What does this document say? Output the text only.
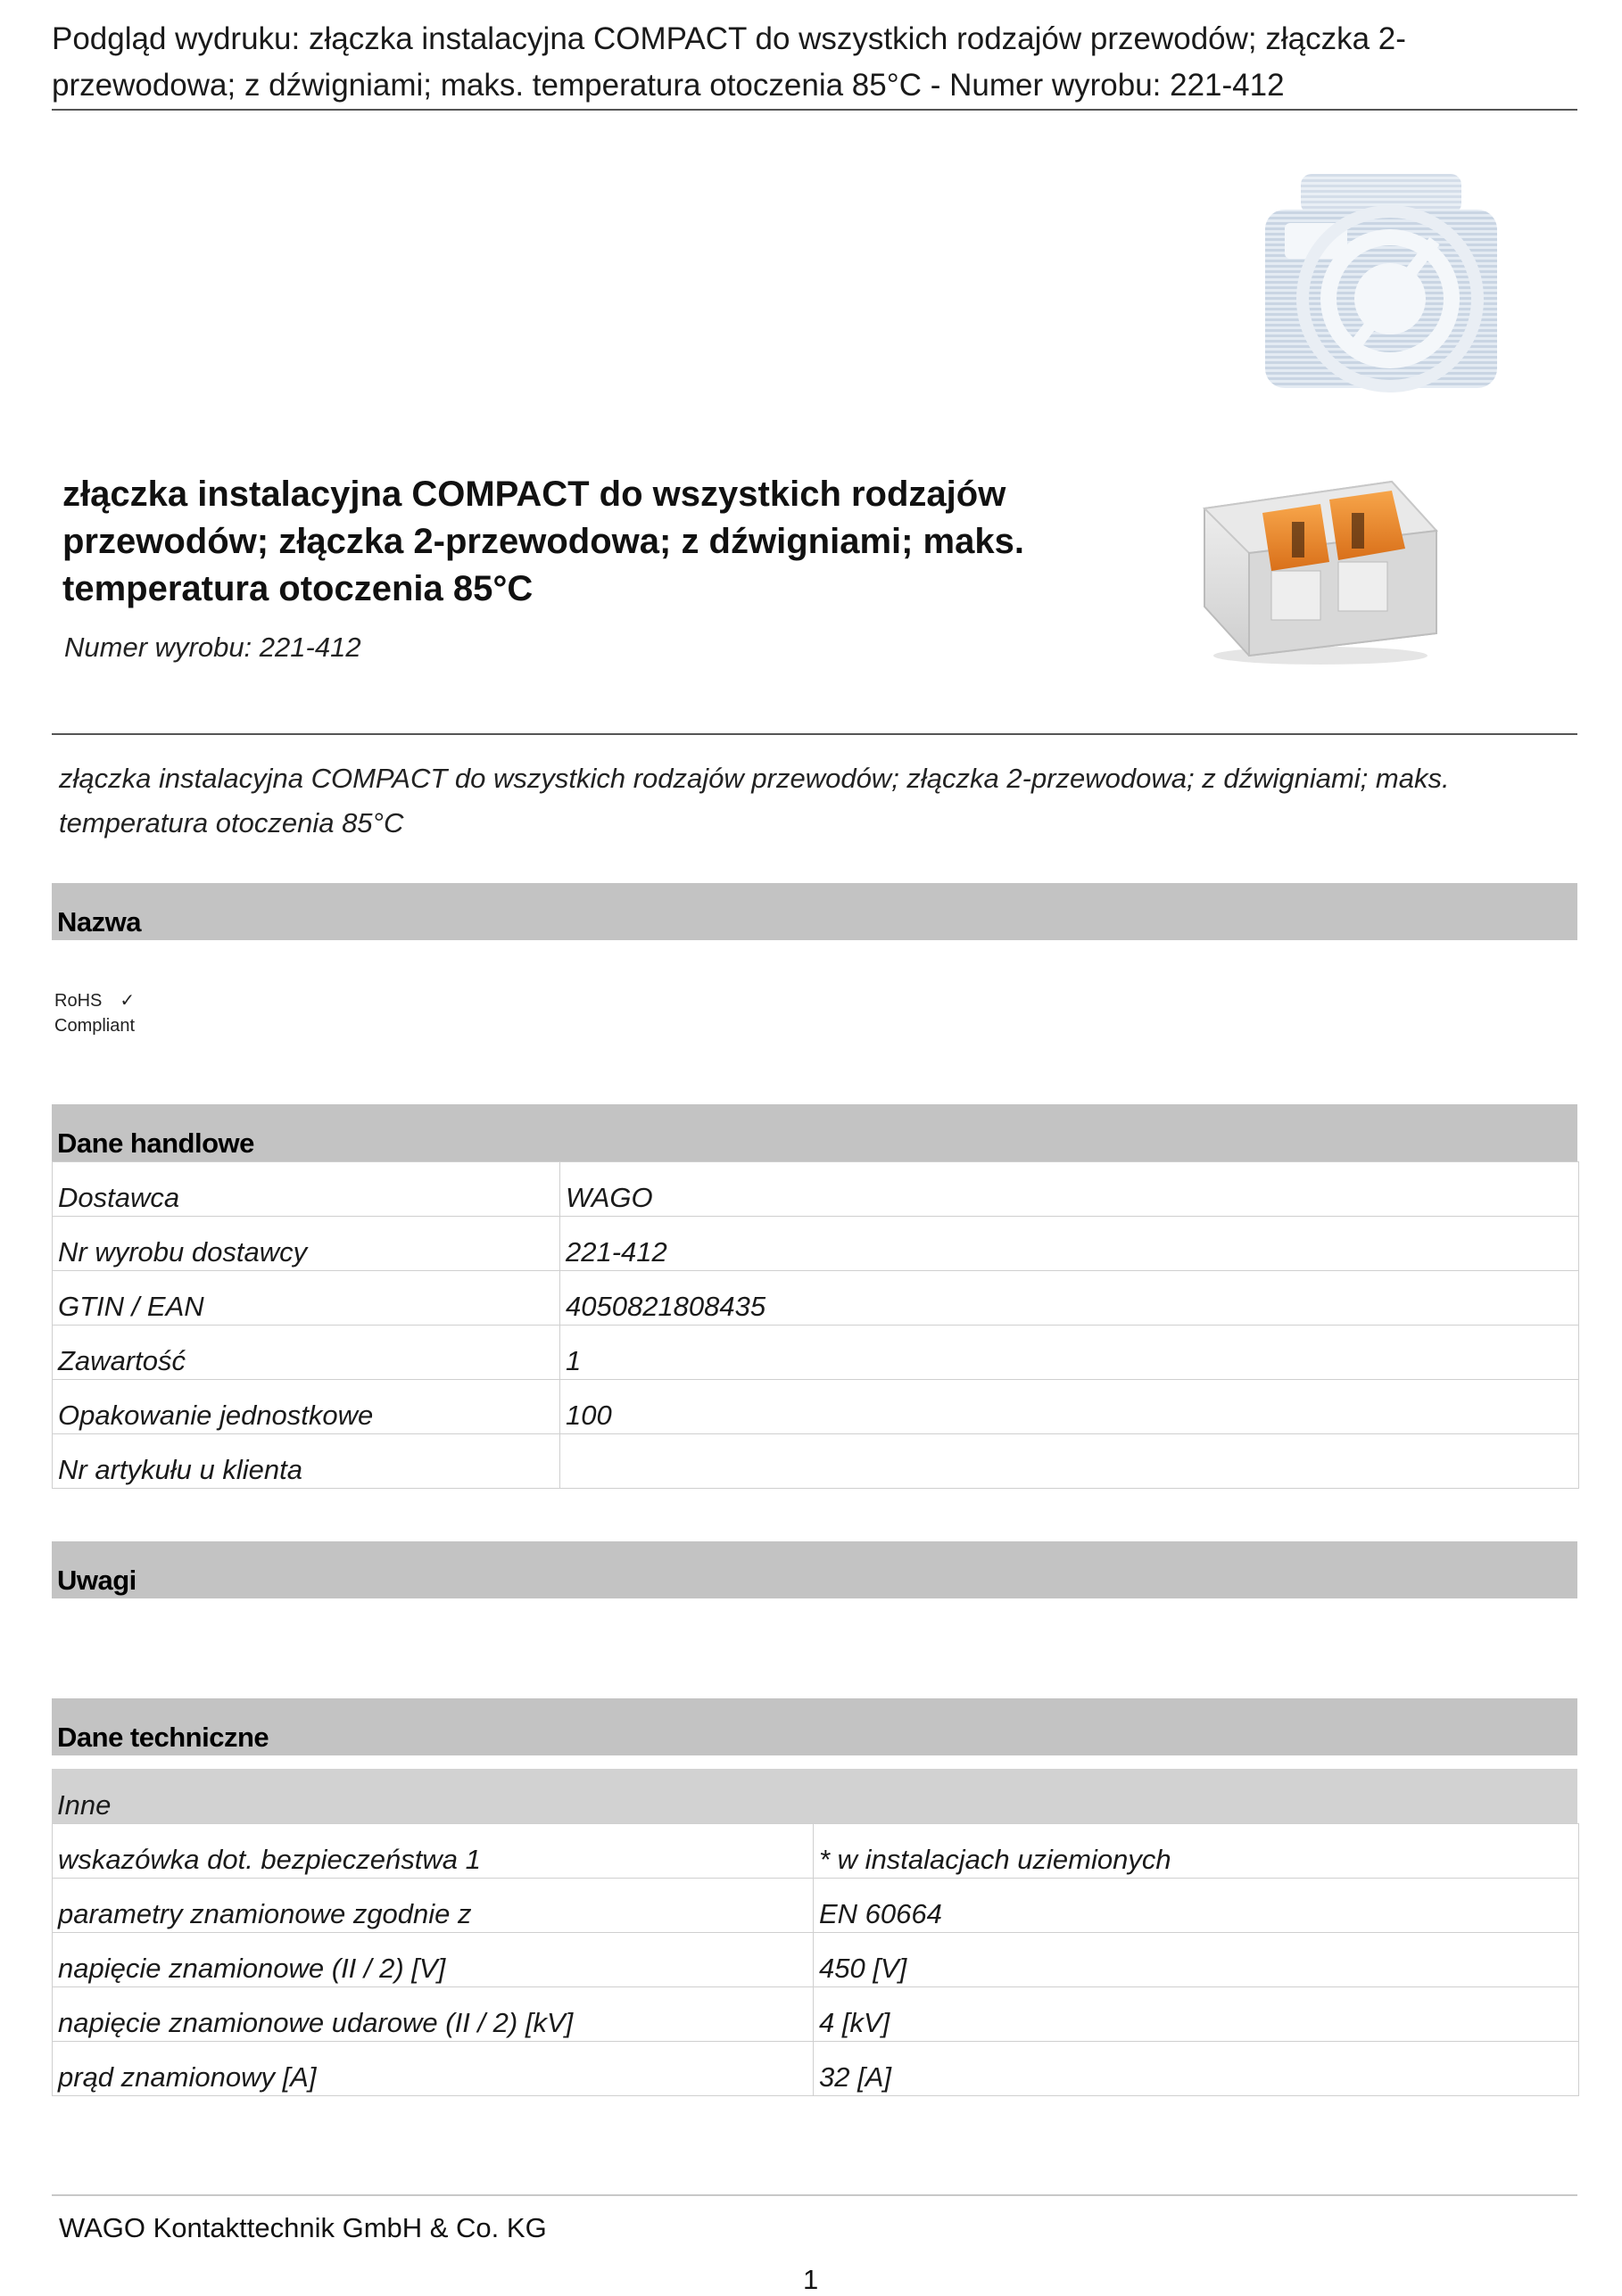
Podgląd wydruku: złączka instalacyjna COMPACT do wszystkich rodzajów przewodów; złączka 2-przewodowa; z dźwigniami; maks. temperatura otoczenia 85°C - Numer wyrobu: 221-412
złączka instalacyjna COMPACT do wszystkich rodzajów przewodów; złączka 2-przewodowa; z dźwigniami; maks. temperatura otoczenia 85°C
Numer wyrobu: 221-412
złączka instalacyjna COMPACT do wszystkich rodzajów przewodów; złączka 2-przewodowa; z dźwigniami; maks. temperatura otoczenia 85°C
Nazwa
RoHS ✓
Compliant
Dane handlowe
Dostawca	WAGO
Nr wyrobu dostawcy	221-412
GTIN / EAN	4050821808435
Zawartość	1
Opakowanie jednostkowe	100
Nr artykułu u klienta	
Uwagi
Dane techniczne
Inne
wskazówka dot. bezpieczeństwa 1	* w instalacjach uziemionych
parametry znamionowe zgodnie z	EN 60664
napięcie znamionowe (II / 2) [V]	450 [V]
napięcie znamionowe udarowe (II / 2) [kV]	4 [kV]
prąd znamionowy [A]	32 [A]
WAGO Kontakttechnik GmbH & Co. KG
1
